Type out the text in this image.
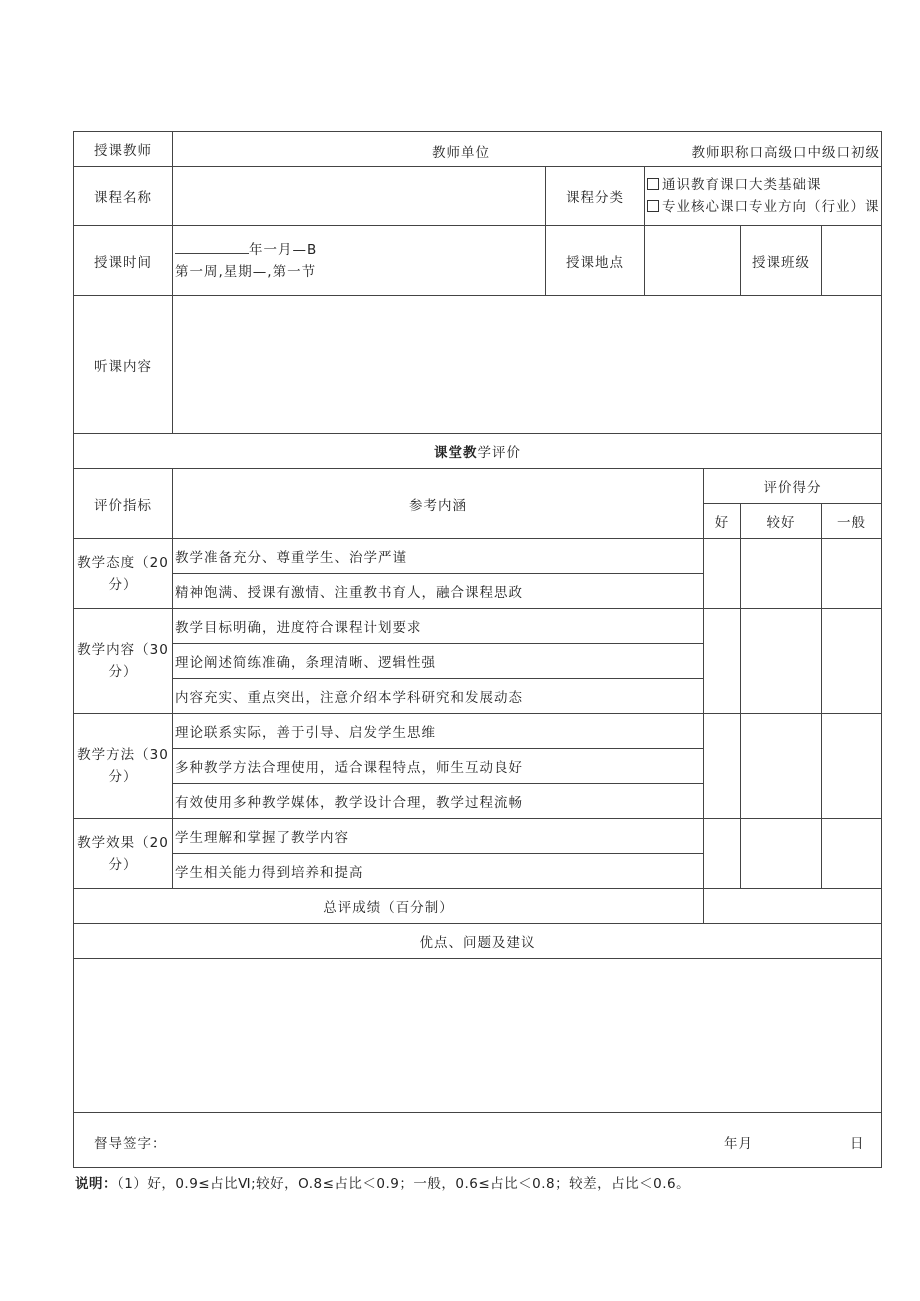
授课教师	教师单位 教师职称口高级口中级口初级						

课程名称		课程分类	通识教育课口大类基础课
专业核心课口专业方向（行业）课				

授课时间	年一月—B
第一周,星期—,第一节	授课地点			授课班级		
听课内容							
课堂教学评价							
评价指标	参考内涵			评价得分			
				好	较好	一般	

教学态度（20
分）	教学准备充分、尊重学生、治学严谨						
	精神饱满、授课有激情、注重教书育人，融合课程思政						

教学内容（30
分）	教学目标明确，进度符合课程计划要求						
	理论阐述简练准确，条理清晰、逻辑性强						
	内容充实、重点突出，注意介绍本学科研究和发展动态						

教学方法（30
分）	理论联系实际，善于引导、启发学生思维						
	多种教学方法合理使用，适合课程特点，师生互动良好						
	有效使用多种教学媒体，教学设计合理，教学过程流畅						

教学效果（20
分）	学生理解和掌握了教学内容						
	学生相关能力得到培养和提高						
总评成绩（百分制）							
优点、问题及建议							

督导签字： 年月 日							
说明：（1）好，0.9≤占比Ⅵ;较好，O.8≤占比＜0.9；一般，0.6≤占比＜0.8；较差，占比＜0.6。
